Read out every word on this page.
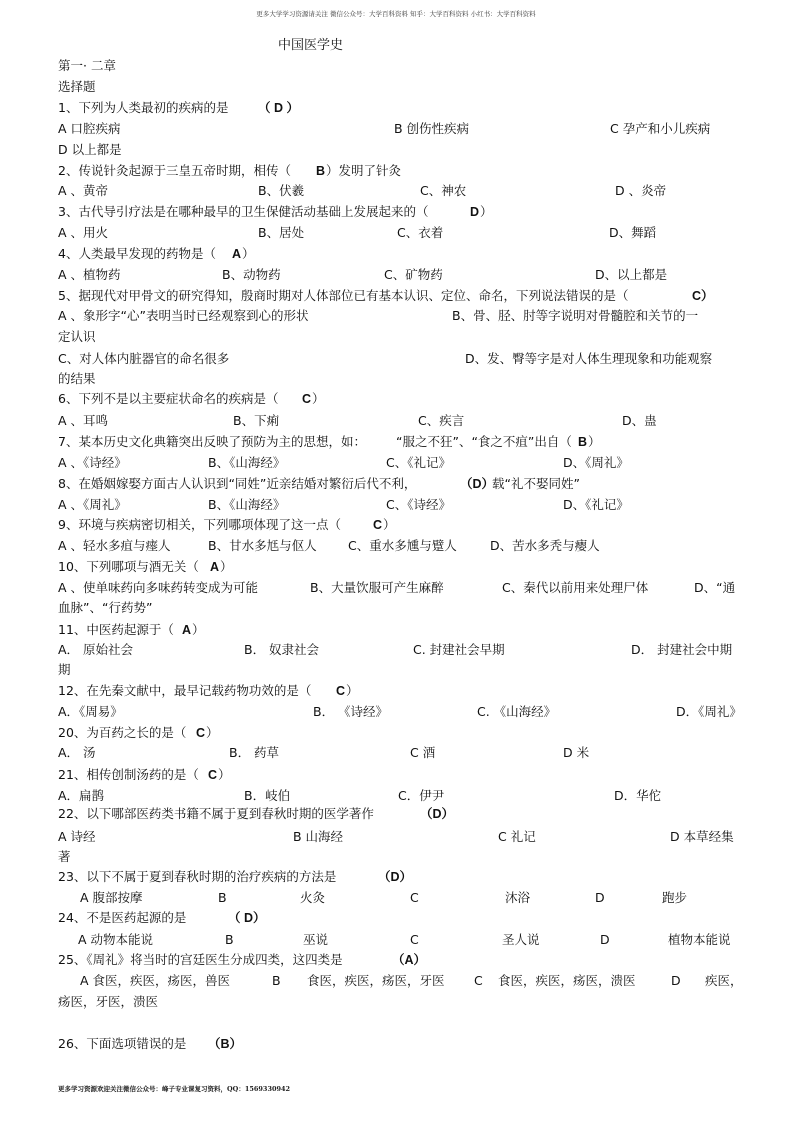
更多大学学习资源请关注 微信公众号：大学百科资料 知乎：大学百科资料 小红书：大学百科资料
中国医学史
第一· 二章
选择题
1、下列为人类最初的疾病的是 （ D ）
A 口腔疾病	B 创伤性疾病	C 孕产和小儿疾病
D 以上都是
2、传说针灸起源于三皇五帝时期，相传（ B ）发明了针灸
A 、黄帝	B、伏羲	C、神农	D 、炎帝
3、古代导引疗法是在哪种最早的卫生保健活动基础上发展起来的（	D ）
A 、用火	B、居处	C、衣着	D、舞蹈
4、人类最早发现的药物是（ A ）
A 、植物药	B、动物药	C、矿物药	D、以上都是
5、据现代对甲骨文的研究得知，殷商时期对人体部位已有基本认识、定位、命名，下列说法错误的是（	C）
A 、象形字“心”表明当时已经观察到心的形状	B、骨、胫、肘等字说明对骨髓腔和关节的一
定认识
C、对人体内脏器官的命名很多	D、发、臀等字是对人体生理现象和功能观察
的结果
6、下列不是以主要症状命名的疾病是（ C ）
A 、耳鸣	B、下痢	C、疾言	D、蛊
7、某本历史文化典籍突出反映了预防为主的思想，如： “服之不狂”、“食之不疽”出自（ B ）
A 、《诗经》	B、《山海经》	C、《礼记》	D、《周礼》
8、在婚姻嫁娶方面古人认识到“同姓”近亲结婚对繁衍后代不利，	（D）
载“礼不娶同姓”
A 、《周礼》	B、《山海经》	C、《诗经》	D、《礼记》
9、环境与疾病密切相关，下列哪项体现了这一点（	C ）
A 、轻水多疽与瘗人	B、甘水多尪与伛人	C、重水多尰与躄人	D、苦水多秃与瘿人
10、下列哪项与酒无关（ A ）
A 、使单味药向多味药转变成为可能	B、大量饮服可产生麻醉	C、秦代以前用来处理尸体	D、“通
血脉”、“行药势”
11、中医药起源于（ A ）
A． 原始社会	B． 奴隶社会	C. 封建社会早期	D． 封建社会中期
期
12、在先秦文献中，最早记载药物功效的是（ C ）
A．《周易》	B． 《诗经》	C. 《山海经》	D．《周礼》
20、为百药之长的是（ C ）
A． 汤	B． 药草	C 酒	D 米
21、相传创制汤药的是（ C ）
A．扁鹊	B．岐伯	C．伊尹	D．华佗
22、以下哪部医药类书籍不属于夏到春秋时期的医学著作	（D）
A 诗经	B 山海经	C 礼记	D 本草经集
著
23、以下不属于夏到春秋时期的治疗疾病的方法是	（D）
A 腹部按摩	B	火灸	C	沐浴	D	跑步
24、不是医药起源的是	（ D）
A 动物本能说	B	巫说	C	圣人说	D	植物本能说
25、《周礼》将当时的宫廷医生分成四类，这四类是	（A）
A 食医，疾医，疡医，兽医	B 食医，疾医，疡医，牙医 C 食医，疾医，疡医，溃医	D 疾医，
疡医，牙医，溃医
26、下面选项错误的是 （B）
更多学习资源欢迎关注微信公众号：峰子专业课复习资料，QQ：1569330942
